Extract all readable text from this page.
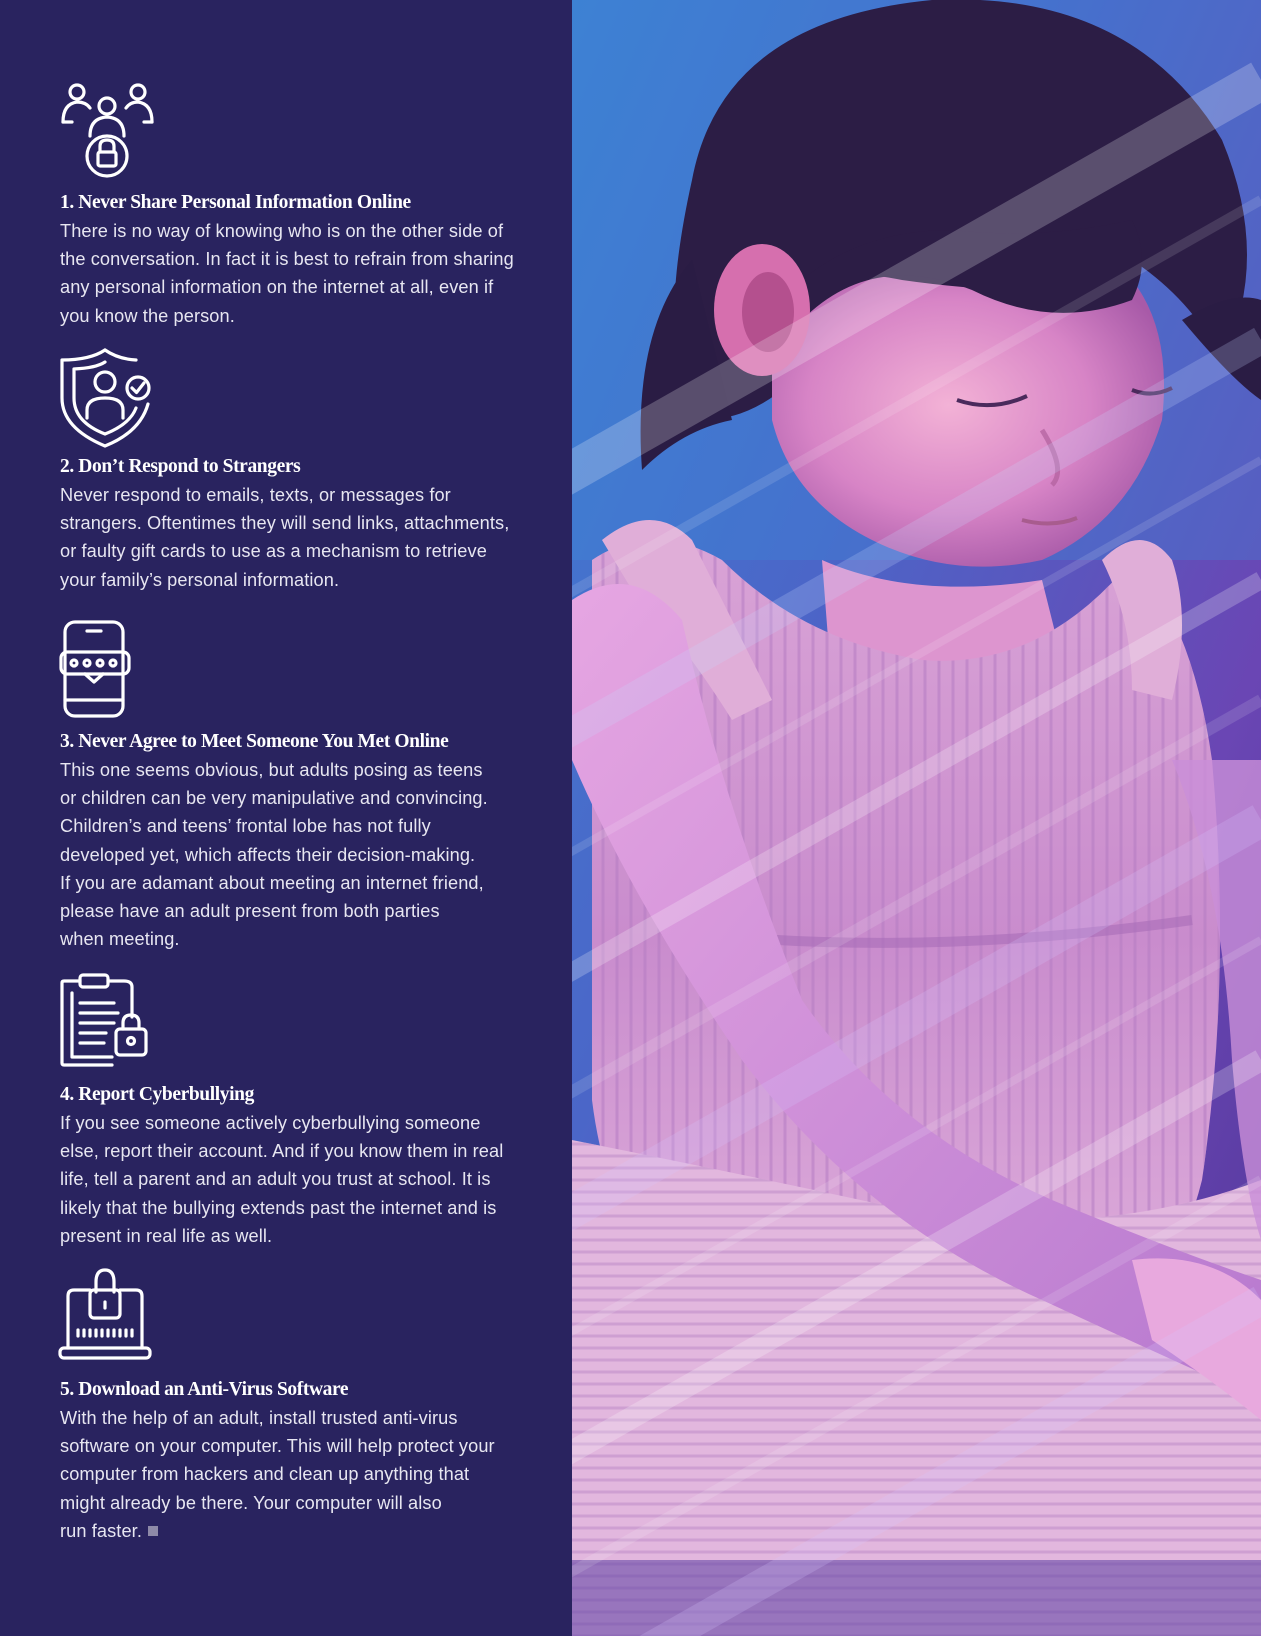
1. Never Share Personal Information Online

There is no way of knowing who is on the other side of
the conversation. In fact it is best to refrain from sharing
any personal information on the internet at all, even if
you know the person.

2. Don’t Respond to Strangers

Never respond to emails, texts, or messages for
strangers. Oftentimes they will send links, attachments,
or faulty gift cards to use as a mechanism to retrieve
your family’s personal information.

3. Never Agree to Meet Someone You Met Online

This one seems obvious, but adults posing as teens
or children can be very manipulative and convincing.
Children’s and teens’ frontal lobe has not fully
developed yet, which affects their decision-making.
If you are adamant about meeting an internet friend,
please have an adult present from both parties
when meeting.

4. Report Cyberbullying

If you see someone actively cyberbullying someone
else, report their account. And if you know them in real
life, tell a parent and an adult you trust at school. It is
likely that the bullying extends past the internet and is
present in real life as well.

5. Download an Anti-Virus Software

With the help of an adult, install trusted anti-virus
software on your computer. This will help protect your
computer from hackers and clean up anything that
might already be there. Your computer will also
run faster.
